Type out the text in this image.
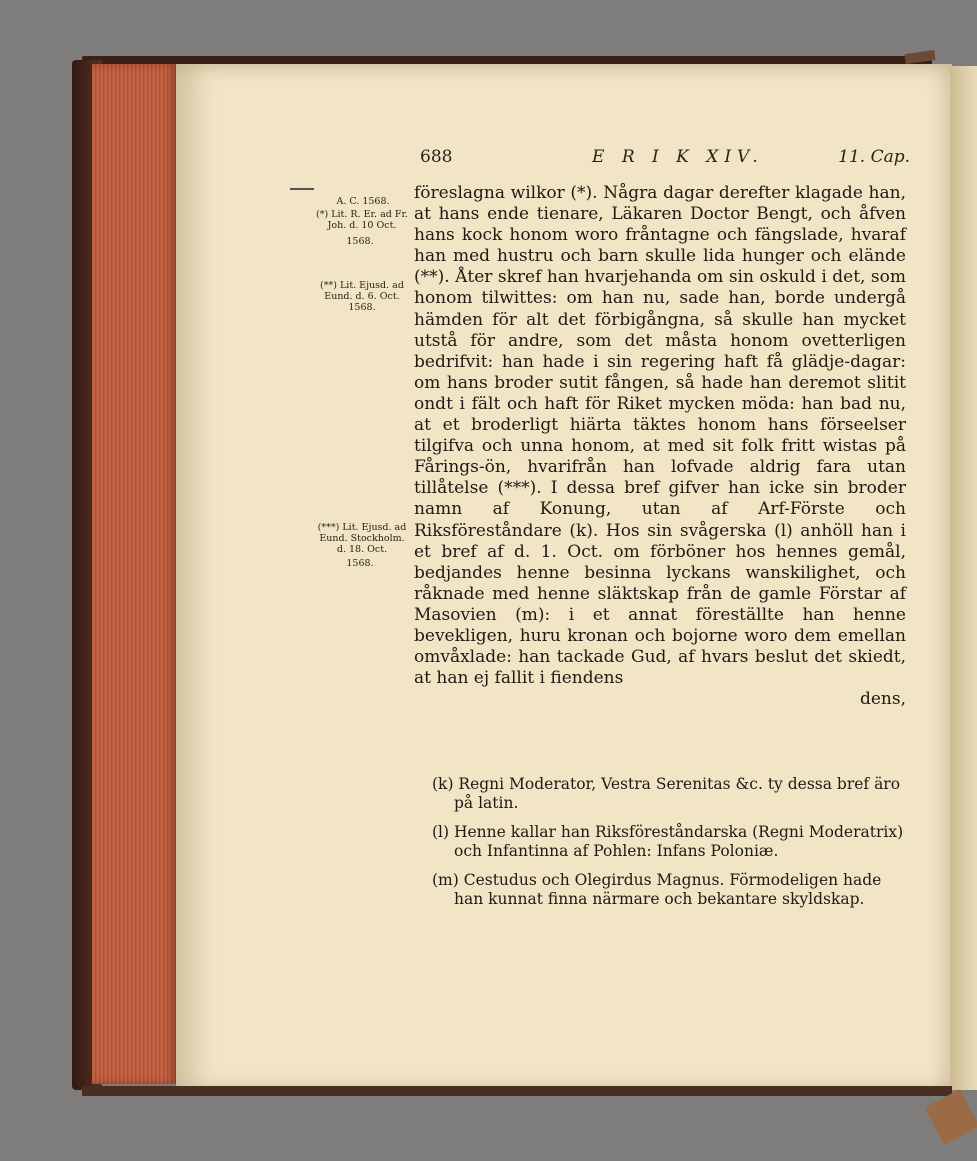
688	E R I K XIV.	11. Cap.
A. C. 1568.
(*) Lit. R. Er. ad Fr. Joh. d. 10 Oct.
1568.
(**) Lit. Ejusd. ad Eund. d. 6. Oct. 1568.
(***) Lit. Ejusd. ad Eund. Stockholm. d. 18. Oct.
1568.

föreslagna wilkor (*). Några dagar derefter klagade han, at hans ende tienare, Läkaren Doctor Bengt, och åfven hans kock honom woro fråntagne och fängslade, hvaraf han med hustru och barn skulle lida hunger och elände (**). Åter skref han hvarjehanda om sin oskuld i det, som honom tilwittes: om han nu, sade han, borde undergå hämden för alt det förbigångna, så skulle han mycket utstå för andre, som det måsta honom ovetterligen bedrifvit: han hade i sin regering haft få glädje-dagar: om hans broder sutit fången, så hade han deremot slitit ondt i fält och haft för Riket mycken möda: han bad nu, at et broderligt hiärta täktes honom hans förseelser tilgifva och unna honom, at med sit folk fritt wistas på Fårings-ön, hvarifrån han lofvade aldrig fara utan tillåtelse (***). I dessa bref gifver han icke sin broder namn af Konung, utan af Arf-Förste och Riksföreståndare (k). Hos sin svågerska (l) anhöll han i et bref af d. 1. Oct. om förböner hos hennes gemål, bedjandes henne besinna lyckans wanskilighet, och råknade med henne släktskap från de gamle Förstar af Masovien (m): i et annat föreställte han henne bevekligen, huru kronan och bojorne woro dem emellan omvåxlade: han tackade Gud, af hvars beslut det skiedt, at han ej fallit i fiendens

dens,

(k) Regni Moderator, Vestra Serenitas &c. ty dessa bref äro på latin.

(l) Henne kallar han Riksföreståndarska (Regni Moderatrix) och Infantinna af Pohlen: Infans Poloniæ.

(m) Cestudus och Olegirdus Magnus. Förmodeligen hade han kunnat finna närmare och bekantare skyldskap.
